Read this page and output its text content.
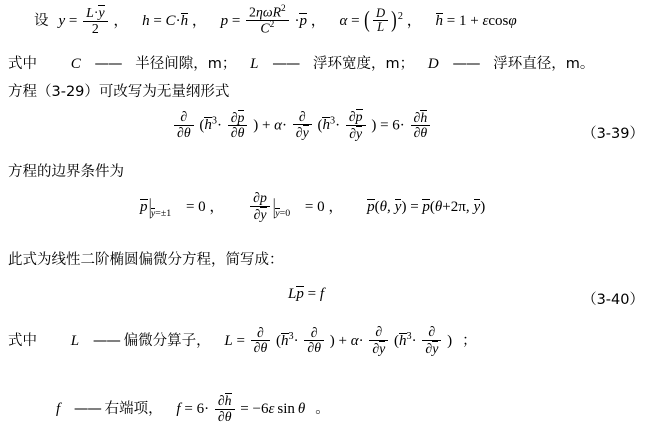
设 $y = \frac{L\cdot y}{2}$ ， h = C·h ， $p = \frac{2\eta\omega R^2}{C^2} \cdot p$ ， α = ( $\frac{D}{L} )^2$ ， h = 1 + εcosφ
式中 C —— 半径间隙，m； L —— 浮环宽度，m； D —— 浮环直径，m。
方程（3-29）可改写为无量纲形式
$\frac{\partial}{\partial\theta} (h^3\cdot \frac{\partial p}{\partial\theta}$ ) + $\alpha\cdot \frac{\partial}{\partial y} (h^3\cdot \frac{\partial p}{\partial y}$ ) = $6\cdot \frac{\partial h}{\partial\theta}$	（3-39）
方程的边界条件为
$p|_{y=\pm 1} = 0$ ， $\frac{\partial p}{\partial y} |_{y=0} = 0$ ， p(θ, y) = p(θ+2π, y)
此式为线性二阶椭圆偏微分方程，简写成：
Lp = f	（3-40）
式中 L —— 偏微分算子， $L = \frac{\partial}{\partial\theta} (h^3\cdot \frac{\partial}{\partial\theta}$ ) + $\alpha\cdot \frac{\partial}{\partial y} (h^3\cdot \frac{\partial}{\partial y}$ ) ；
f —— 右端项， $f = 6\cdot \frac{\partial h}{\partial\theta} = -6\varepsilon$ sin θ 。
